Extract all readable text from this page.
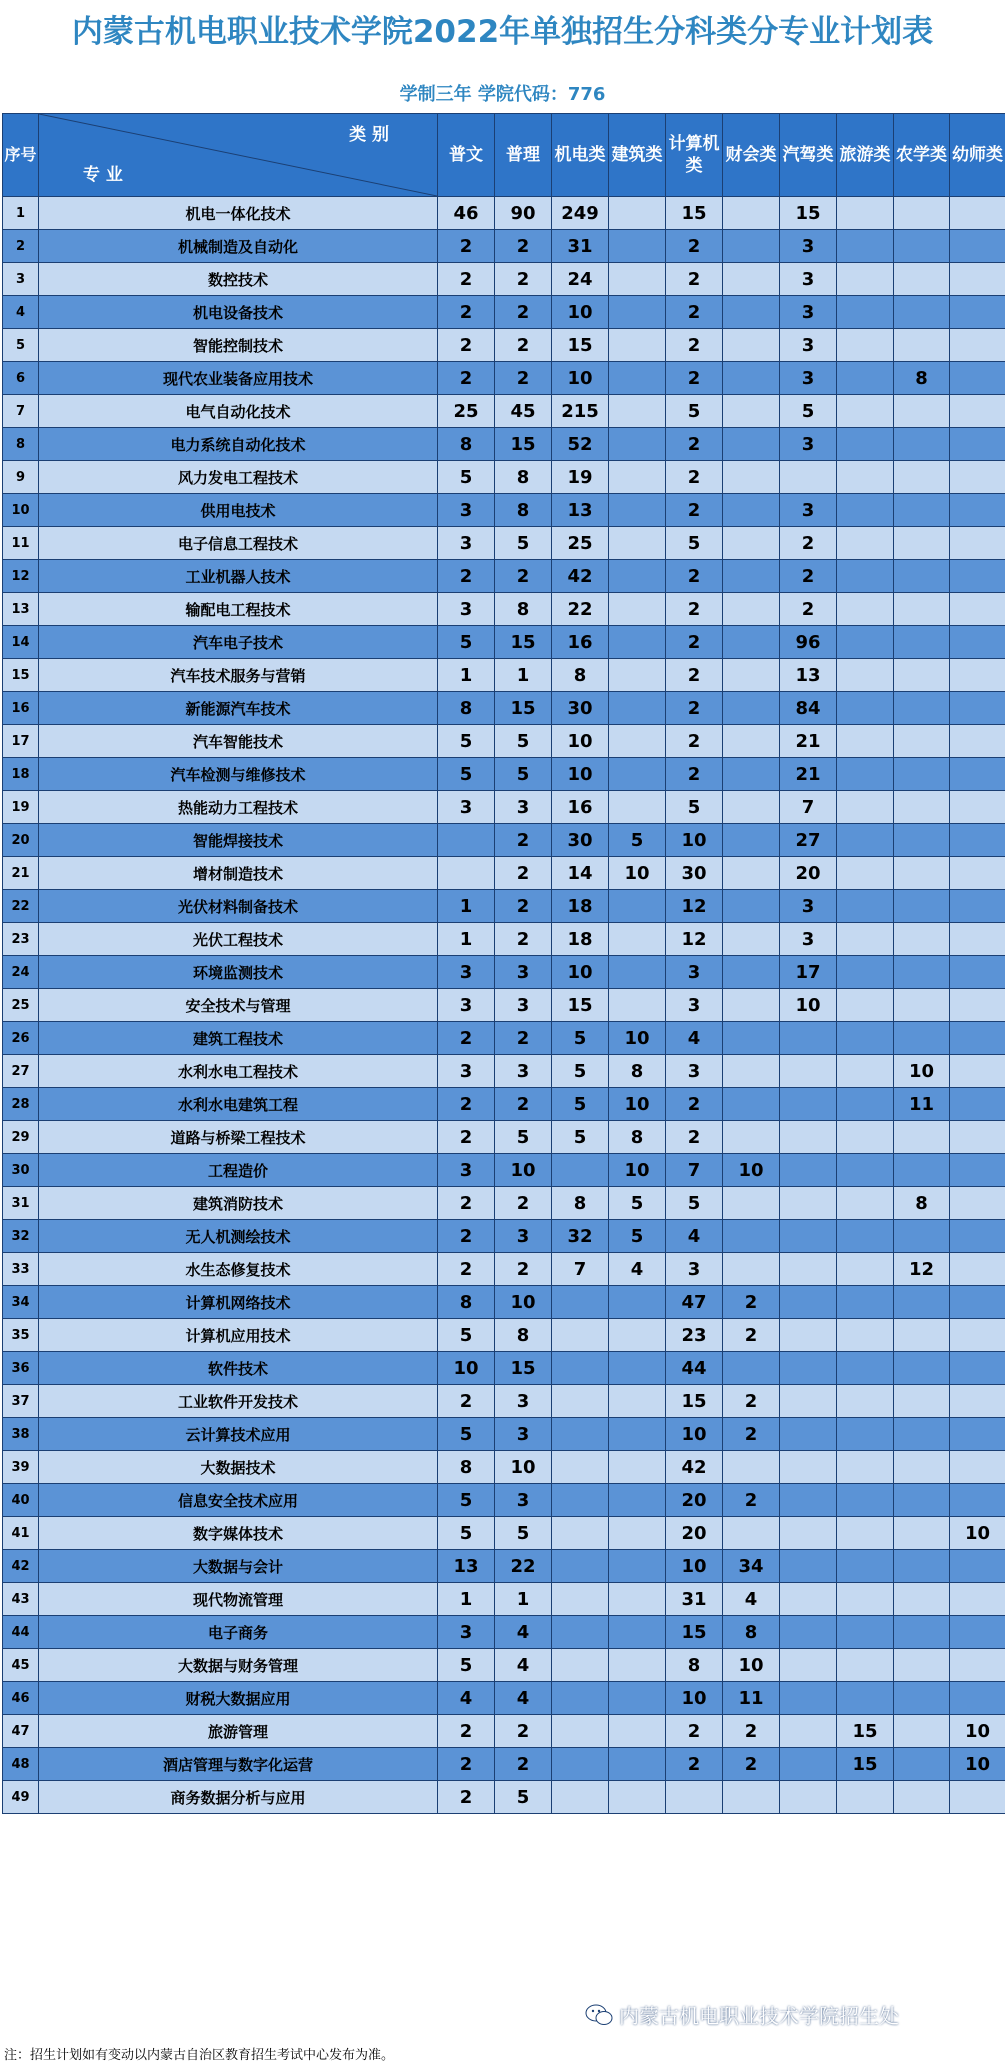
内蒙古机电职业技术学院2022年单独招生分科类分专业计划表
学制三年 学院代码：776
序号	类 别
专 业	普文	普理	机电类	建筑类	计算机类	财会类	汽驾类	旅游类	农学类	幼师类
1	机电一体化技术	46	90	249		15		15			
2	机械制造及自动化	2	2	31		2		3			
3	数控技术	2	2	24		2		3			
4	机电设备技术	2	2	10		2		3			
5	智能控制技术	2	2	15		2		3			
6	现代农业装备应用技术	2	2	10		2		3		8	
7	电气自动化技术	25	45	215		5		5			
8	电力系统自动化技术	8	15	52		2		3			
9	风力发电工程技术	5	8	19		2					
10	供用电技术	3	8	13		2		3			
11	电子信息工程技术	3	5	25		5		2			
12	工业机器人技术	2	2	42		2		2			
13	输配电工程技术	3	8	22		2		2			
14	汽车电子技术	5	15	16		2		96			
15	汽车技术服务与营销	1	1	8		2		13			
16	新能源汽车技术	8	15	30		2		84			
17	汽车智能技术	5	5	10		2		21			
18	汽车检测与维修技术	5	5	10		2		21			
19	热能动力工程技术	3	3	16		5		7			
20	智能焊接技术		2	30	5	10		27			
21	增材制造技术		2	14	10	30		20			
22	光伏材料制备技术	1	2	18		12		3			
23	光伏工程技术	1	2	18		12		3			
24	环境监测技术	3	3	10		3		17			
25	安全技术与管理	3	3	15		3		10			
26	建筑工程技术	2	2	5	10	4					
27	水利水电工程技术	3	3	5	8	3				10	
28	水利水电建筑工程	2	2	5	10	2				11	
29	道路与桥梁工程技术	2	5	5	8	2					
30	工程造价	3	10		10	7	10				
31	建筑消防技术	2	2	8	5	5				8	
32	无人机测绘技术	2	3	32	5	4					
33	水生态修复技术	2	2	7	4	3				12	
34	计算机网络技术	8	10			47	2				
35	计算机应用技术	5	8			23	2				
36	软件技术	10	15			44					
37	工业软件开发技术	2	3			15	2				
38	云计算技术应用	5	3			10	2				
39	大数据技术	8	10			42					
40	信息安全技术应用	5	3			20	2				
41	数字媒体技术	5	5			20					10
42	大数据与会计	13	22			10	34				
43	现代物流管理	1	1			31	4				
44	电子商务	3	4			15	8				
45	大数据与财务管理	5	4			8	10				
46	财税大数据应用	4	4			10	11				
47	旅游管理	2	2			2	2		15		10
48	酒店管理与数字化运营	2	2			2	2		15		10
49	商务数据分析与应用	2	5								
内蒙古机电职业技术学院招生处
注：招生计划如有变动以内蒙古自治区教育招生考试中心发布为准。
